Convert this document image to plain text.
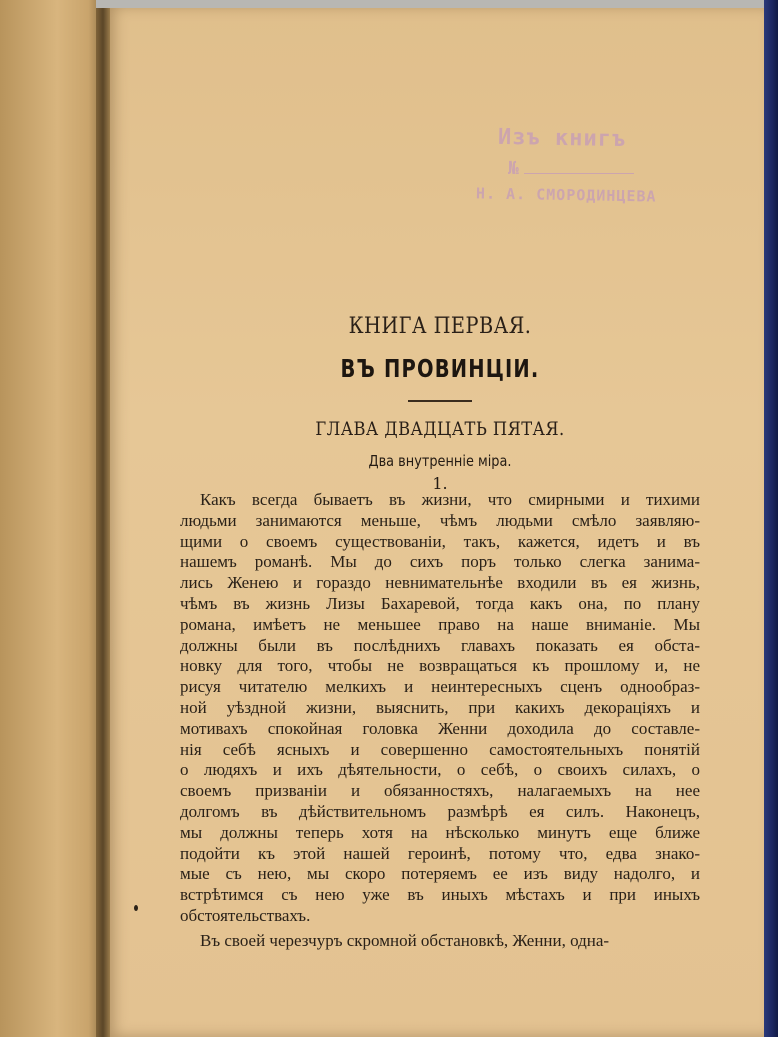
Изъ книгъ
№
Н. А. СМОРОДИНЦЕВА
КНИГА ПЕРВАЯ.
ВЪ ПРОВИНЦІИ.
ГЛАВА ДВАДЦАТЬ ПЯТАЯ.
Два внутренніе міра.
1.
Какъ всегда бываетъ въ жизни, что смирными и тихими
людьми занимаются меньше, чѣмъ людьми смѣло заявляю-
щими о своемъ существованіи, такъ, кажется, идетъ и въ
нашемъ романѣ. Мы до сихъ поръ только слегка занима-
лись Женею и гораздо невнимательнѣе входили въ ея жизнь,
чѣмъ въ жизнь Лизы Бахаревой, тогда какъ она, по плану
романа, имѣетъ не меньшее право на наше вниманіе. Мы
должны были въ послѣднихъ главахъ показать ея обста-
новку для того, чтобы не возвращаться къ прошлому и, не
рисуя читателю мелкихъ и неинтересныхъ сценъ однообраз-
ной уѣздной жизни, выяснить, при какихъ декораціяхъ и
мотивахъ спокойная головка Женни доходила до составле-
нія себѣ ясныхъ и совершенно самостоятельныхъ понятій
о людяхъ и ихъ дѣятельности, о себѣ, о своихъ силахъ, о
своемъ призваніи и обязанностяхъ, налагаемыхъ на нее
долгомъ въ дѣйствительномъ размѣрѣ ея силъ. Наконецъ,
мы должны теперь хотя на нѣсколько минутъ еще ближе
подойти къ этой нашей героинѣ, потому что, едва знако-
мые съ нею, мы скоро потеряемъ ее изъ виду надолго, и
встрѣтимся съ нею уже въ иныхъ мѣстахъ и при иныхъ
обстоятельствахъ.
Въ своей черезчуръ скромной обстановкѣ, Женни, одна-
